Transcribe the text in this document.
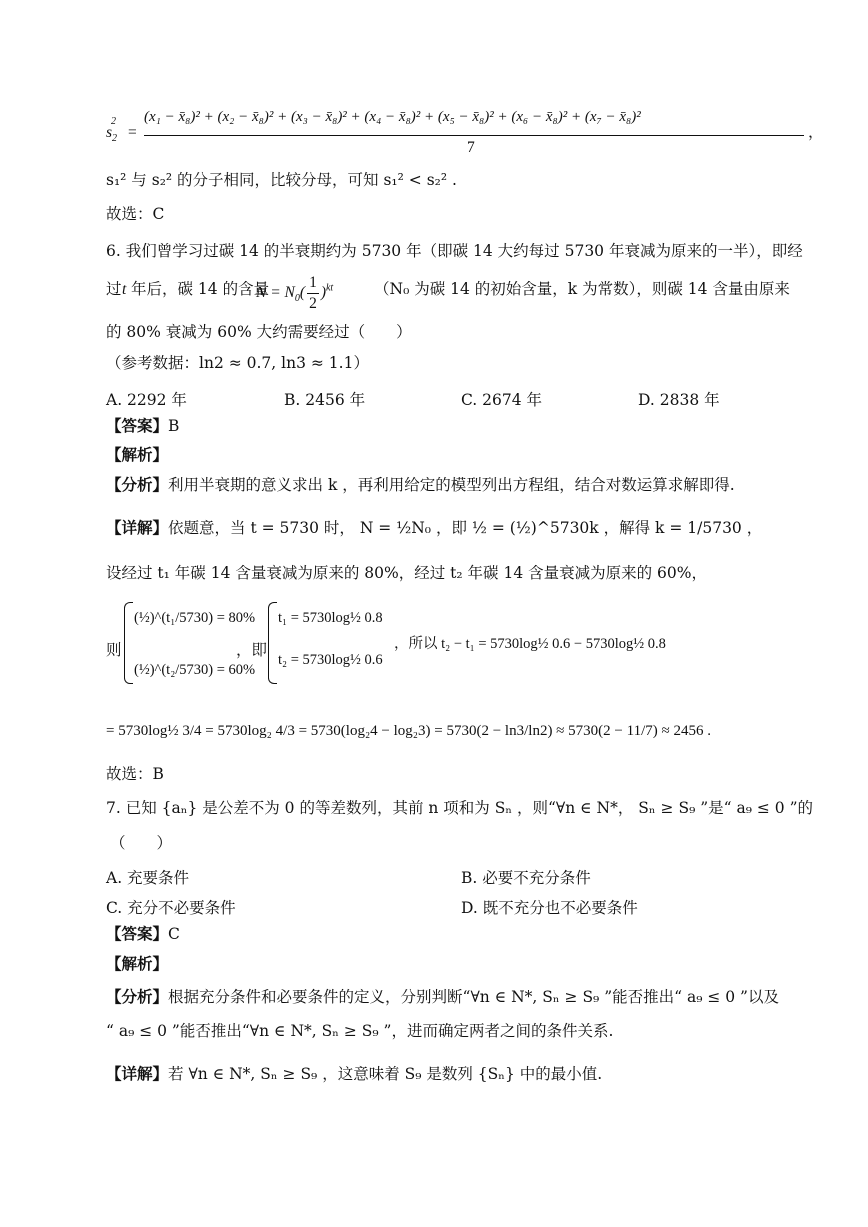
$s_2^2$
=
(x₁ − x̄₈)² + (x₂ − x̄₈)² + (x₃ − x̄₈)² + (x₄ − x̄₈)² + (x₅ − x̄₈)² + (x₆ − x̄₈)² + (x₇ − x̄₈)²
7
，
s₁² 与 s₂² 的分子相同，比较分母，可知 s₁² < s₂² .
故选：C
6. 我们曾学习过碳 14 的半衰期约为 5730 年（即碳 14 大约每过 5730 年衰减为原来的一半），即经
过 t 年后，碳 14 的含量
$N = N_0( \frac{1}{2} )^{kt}$	（N₀ 为碳 14 的初始含量，k 为常数），则碳 14 含量由原来
的 80% 衰减为 60% 大约需要经过（　　）
（参考数据：ln2 ≈ 0.7, ln3 ≈ 1.1）
A. 2292 年	B. 2456 年	C. 2674 年	D. 2838 年
【答案】B
【解析】
【分析】利用半衰期的意义求出 k ，再利用给定的模型列出方程组，结合对数运算求解即得.
【详解】依题意，当 t = 5730 时， N = ½N₀ ，即 ½ = (½)^5730k ，解得 k = 1/5730 ，
设经过 t₁ 年碳 14 含量衰减为原来的 80%，经过 t₂ 年碳 14 含量衰减为原来的 60%，
则
(½)^(t₁/5730) = 80%
(½)^(t₂/5730) = 60%
，即
t₁ = 5730log½ 0.8
t₂ = 5730log½ 0.6
，所以 t₂ − t₁ = 5730log½ 0.6 − 5730log½ 0.8
= 5730log½ 3/4 = 5730log₂ 4/3 = 5730(log₂4 − log₂3) = 5730(2 − ln3/ln2) ≈ 5730(2 − 11/7) ≈ 2456 .
故选：B
7. 已知 {aₙ} 是公差不为 0 的等差数列，其前 n 项和为 Sₙ ，则“∀n ∈ N*， Sₙ ≥ S₉ ”是“ a₉ ≤ 0 ”的
（　　）
A. 充要条件	B. 必要不充分条件
C. 充分不必要条件	D. 既不充分也不必要条件
【答案】C
【解析】
【分析】根据充分条件和必要条件的定义，分别判断“∀n ∈ N*, Sₙ ≥ S₉ ”能否推出“ a₉ ≤ 0 ”以及
“ a₉ ≤ 0 ”能否推出“∀n ∈ N*, Sₙ ≥ S₉ ”，进而确定两者之间的条件关系.
【详解】若 ∀n ∈ N*, Sₙ ≥ S₉ ，这意味着 S₉ 是数列 {Sₙ} 中的最小值.
